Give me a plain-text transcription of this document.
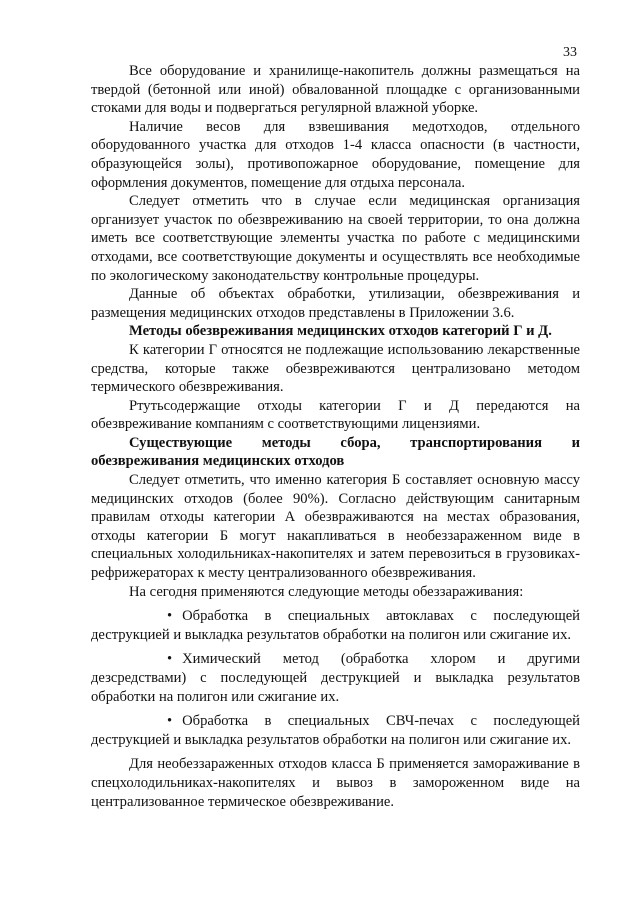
33

Все оборудование и хранилище-накопитель должны размещаться на твердой (бетонной или иной) обвалованной площадке с организованными стоками для воды и подвергаться регулярной влажной уборке.

Наличие весов для взвешивания медотходов, отдельного оборудованного участка для отходов 1-4 класса опасности (в частности, образующейся золы), противопожарное оборудование, помещение для оформления документов, помещение для отдыха персонала.

Следует отметить что в случае если медицинская организация организует участок по обезвреживанию на своей территории, то она должна иметь все соответствующие элементы участка по работе с медицинскими отходами, все соответствующие документы и осуществлять все необходимые по экологическому законодательству контрольные процедуры.

Данные об объектах обработки, утилизации, обезвреживания и размещения медицинских отходов представлены в Приложении 3.6.

Методы обезвреживания медицинских отходов категорий Г и Д.

К категории Г относятся не подлежащие использованию лекарственные средства, которые также обезвреживаются централизовано методом термического обезвреживания.

Ртутьсодержащие отходы категории Г и Д передаются на обезвреживание компаниям с соответствующими лицензиями.

Существующие методы сбора, транспортирования и обезвреживания медицинских отходов

Следует отметить, что именно категория Б составляет основную массу медицинских отходов (более 90%). Согласно действующим санитарным правилам отходы категории А обезвраживаются на местах образования, отходы категории Б могут накапливаться в необеззараженном виде в специальных холодильниках-накопителях и затем перевозиться в грузовиках-рефрижераторах к месту централизованного обезвреживания.

На сегодня применяются следующие методы обеззараживания:

• Обработка в специальных автоклавах с последующей деструкцией и выкладка результатов обработки на полигон или сжигание их.

• Химический метод (обработка хлором и другими дезсредствами) с последующей деструкцией и выкладка результатов обработки на полигон или сжигание их.

• Обработка в специальных СВЧ-печах с последующей деструкцией и выкладка результатов обработки на полигон или сжигание их.

Для необеззараженных отходов класса Б применяется замораживание в спецхолодильниках-накопителях и вывоз в замороженном виде на централизованное термическое обезвреживание.
